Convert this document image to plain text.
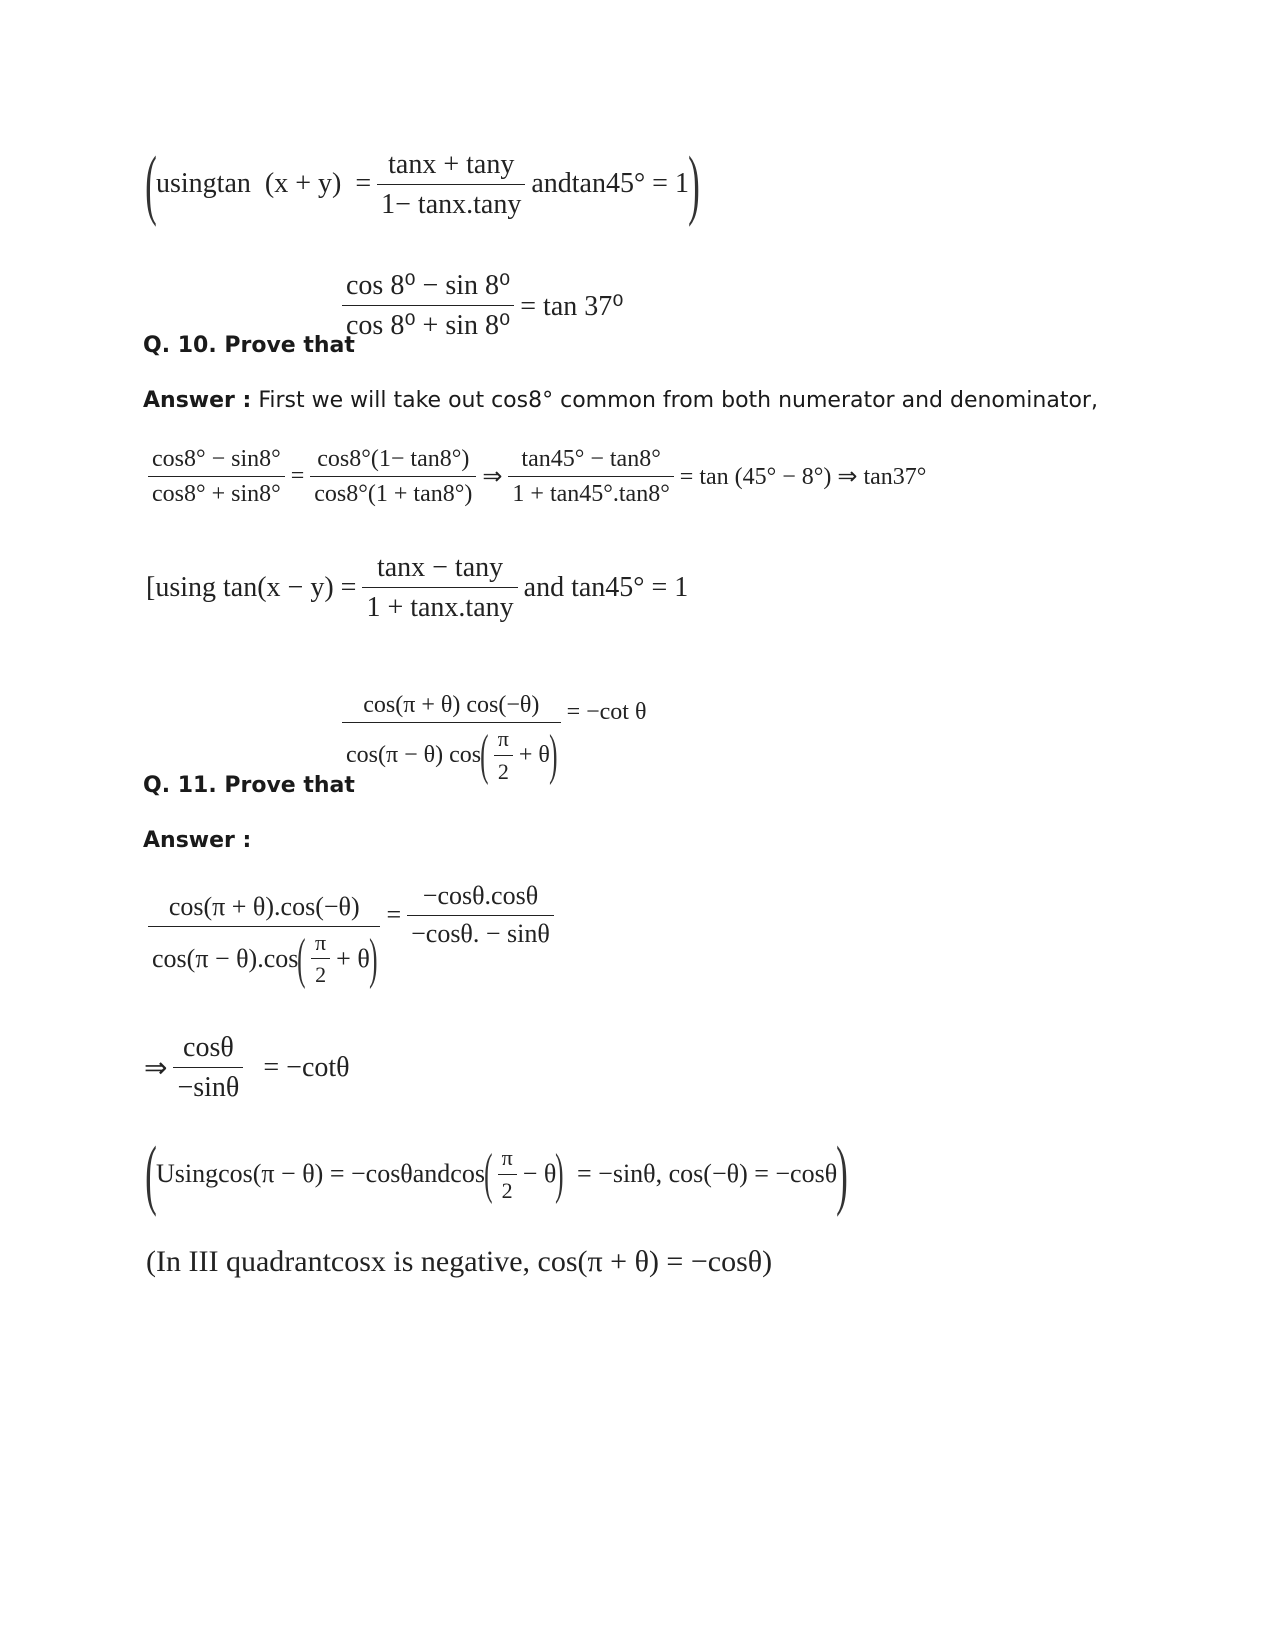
( usingtan $(x + y) = \frac{\tan x + \tan y}{1- \tan x.\tan y} andtan45^\circ = 1$ )
$\frac{\text{cos 8⁰ − sin 8⁰}}{\text{cos 8⁰ + sin 8⁰}} = \tan 37^0$
Q. 10. Prove that
Answer : First we will take out cos8° common from both numerator and denominator,
$\frac{\cos 8^\circ - \sin 8^\circ}{\cos 8^\circ + \sin 8^\circ} = \frac{\cos 8^\circ(1- \tan 8^\circ)}{\cos 8^\circ(1 + \tan 8^\circ)}$ ⇒ $\frac{\tan 45^\circ - \tan 8^\circ}{1 + \tan 45^\circ.\tan 8^\circ} = \tan (45^\circ - 8^\circ)$ ⇒ tan37°
[using $\tan(x - y) = \frac{\tan x - \tan y}{1 + \tan x.\tan y}$ and tan45° = 1
cos(π + θ) cos(−θ)
cos(π − θ) cos ( $\frac{\pi}{2} + \theta$ )
= −cot θ
Q. 11. Prove that
Answer :
cos(π + θ).cos(−θ)
cos(π − θ).cos ( $\frac{\pi}{2} + \theta$ )
= $\frac{-\cos\theta.\cos\theta}{-\cos\theta. - \sin\theta}$
⇒ $\frac{\cos\theta}{-\sin\theta} = -\cot\theta$
( Usingcos(π − θ) = −cosθandcos ( $\frac{\pi}{2} - \theta$ ) = −sinθ, cos(−θ) = −cosθ )
(In III quadrantcosx is negative, cos(π + θ) = −cosθ)
